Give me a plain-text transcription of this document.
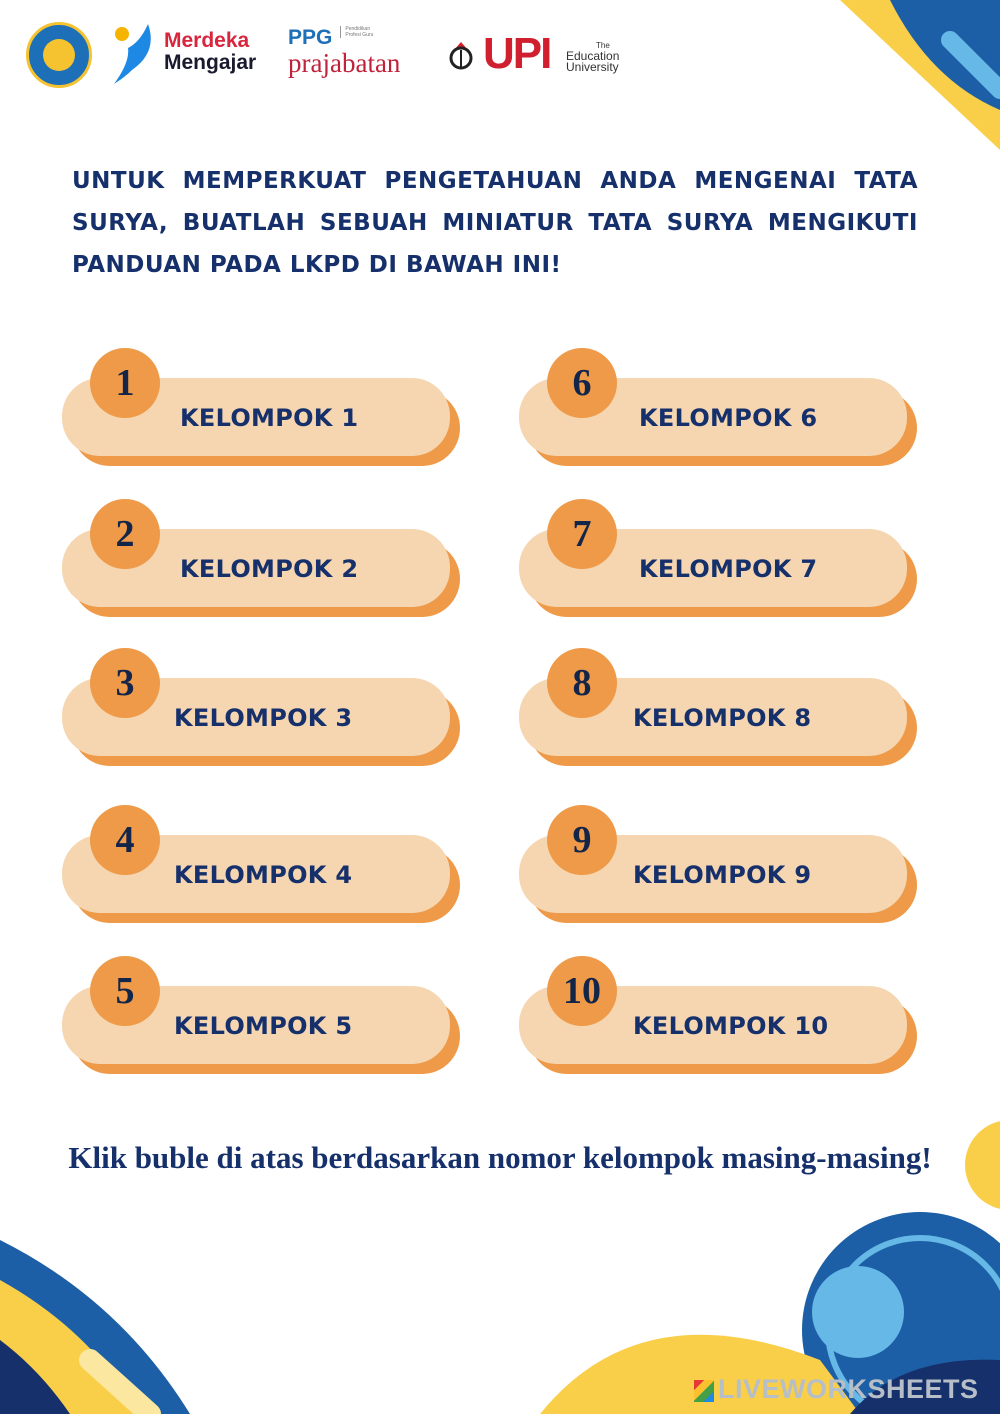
Merdeka
Mengajar
PPG	Pendidikan Profesi Guru
prajabatan UPI	The
Education
University
UNTUK MEMPERKUAT PENGETAHUAN ANDA MENGENAI TATA SURYA, BUATLAH SEBUAH MINIATUR TATA SURYA MENGIKUTI PANDUAN PADA LKPD DI BAWAH INI!
1
KELOMPOK 1
2
KELOMPOK 2
3
KELOMPOK 3
4
KELOMPOK 4
5
KELOMPOK 5
6
KELOMPOK 6
7
KELOMPOK 7
8
KELOMPOK 8
9
KELOMPOK 9
10
KELOMPOK 10
Klik buble di atas berdasarkan nomor kelompok masing-masing!
LIVEWORKSHEETS
